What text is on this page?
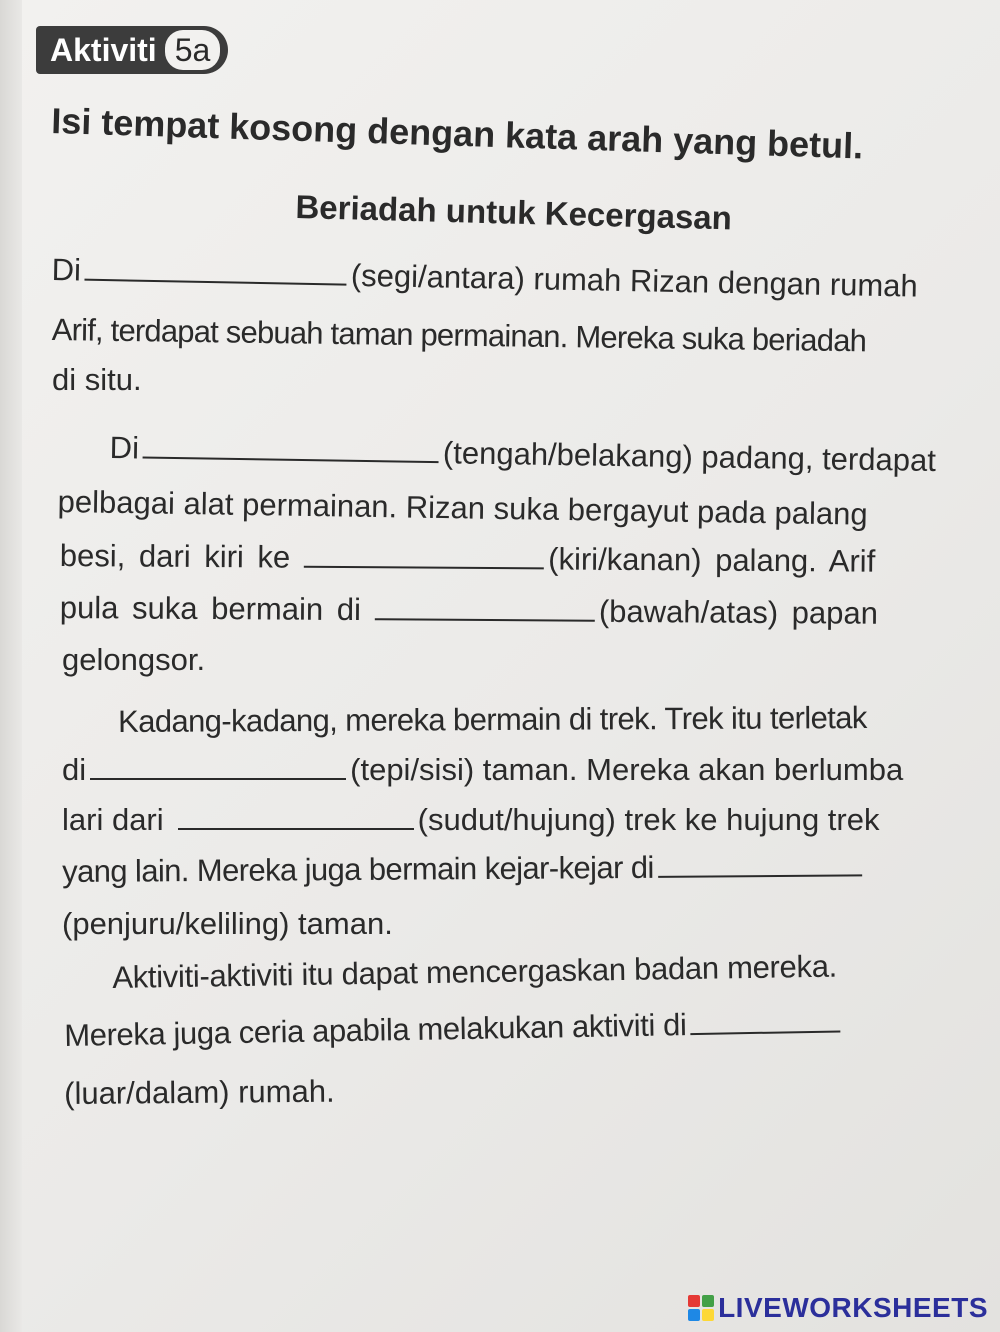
Aktiviti 5a
Isi tempat kosong dengan kata arah yang betul.
Beriadah untuk Kecergasan
Di	(segi/antara) rumah Rizan dengan rumah
Arif, terdapat sebuah taman permainan. Mereka suka beriadah
di situ.
Di	(tengah/belakang) padang, terdapat
pelbagai alat permainan. Rizan suka bergayut pada palang
besi, dari kiri ke	(kiri/kanan) palang. Arif
pula suka bermain di	(bawah/atas) papan
gelongsor.
Kadang-kadang, mereka bermain di trek. Trek itu terletak
di	(tepi/sisi) taman. Mereka akan berlumba
lari dari	(sudut/hujung) trek ke hujung trek
yang lain. Mereka juga bermain kejar-kejar di
(penjuru/keliling) taman.
Aktiviti-aktiviti itu dapat mencergaskan badan mereka.
Mereka juga ceria apabila melakukan aktiviti di
(luar/dalam) rumah.
LIVEWORKSHEETS
